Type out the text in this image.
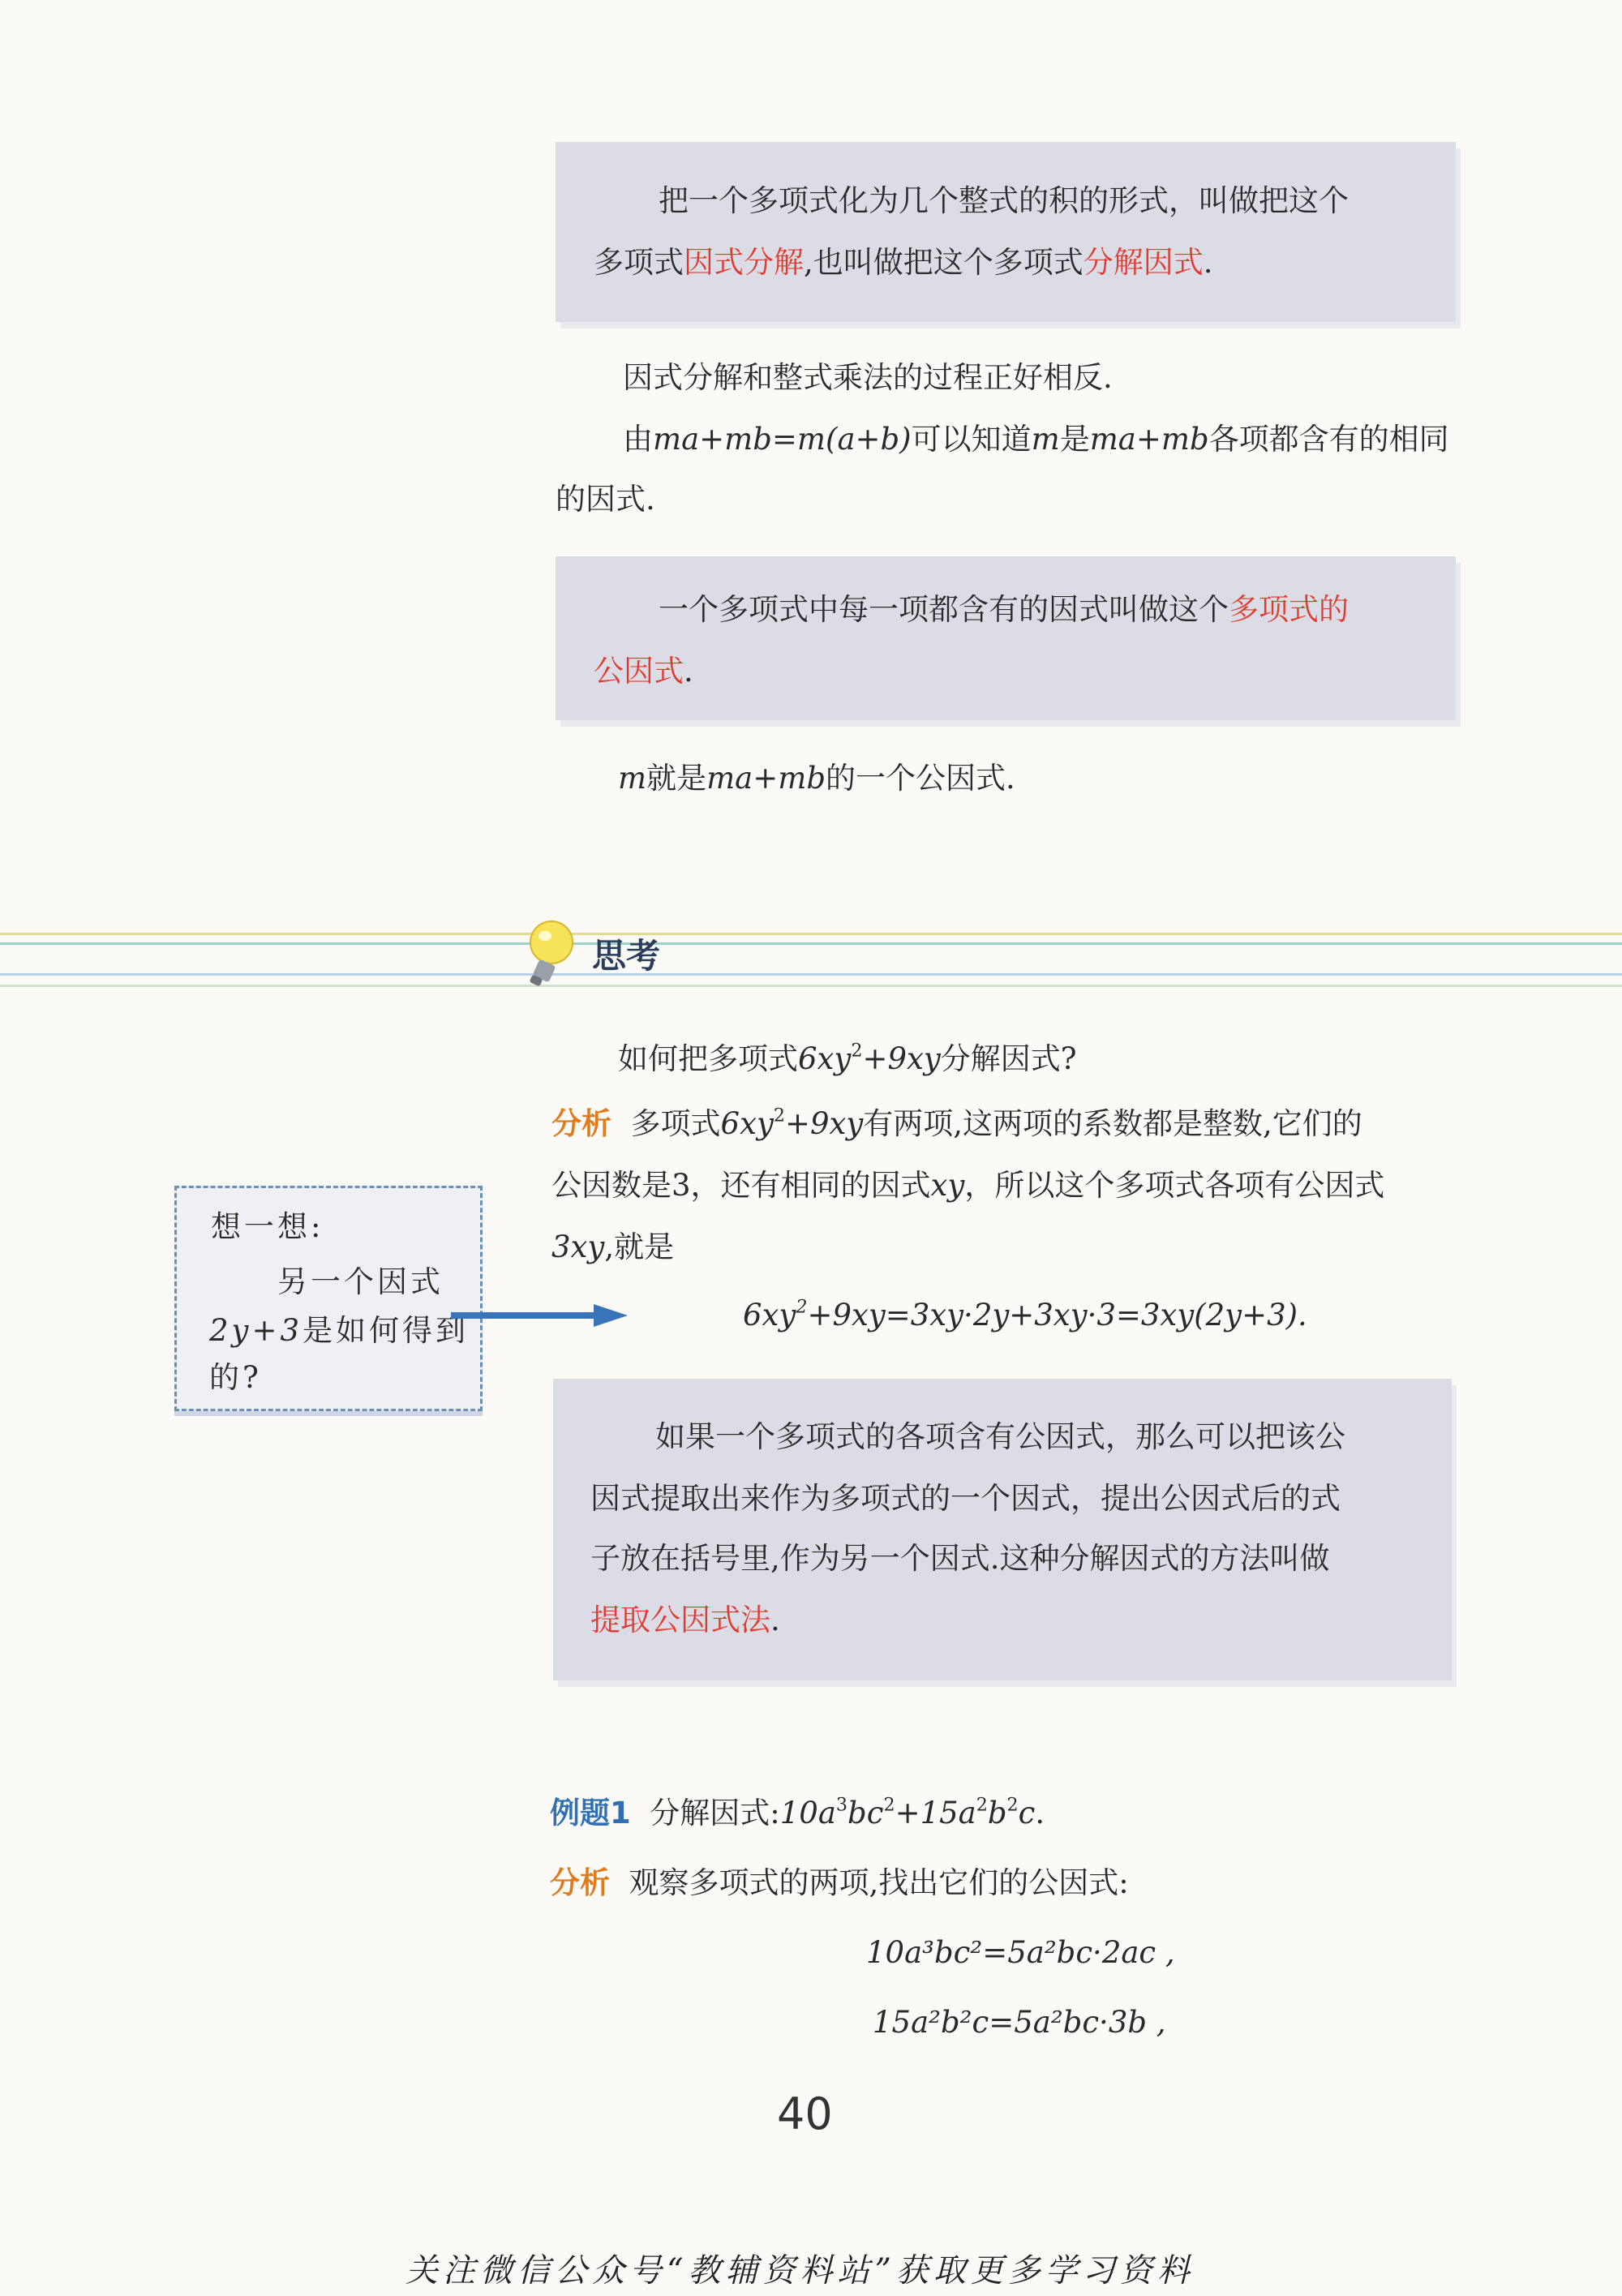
把一个多项式化为几个整式的积的形式，叫做把这个
多项式因式分解,也叫做把这个多项式分解因式.
因式分解和整式乘法的过程正好相反.
由ma+mb=m(a+b)可以知道m是ma+mb各项都含有的相同
的因式.
一个多项式中每一项都含有的因式叫做这个多项式的
公因式.
m就是ma+mb的一个公因式.
思考
如何把多项式$6xy^2+9xy$分解因式?
分析 多项式$6xy^2+9xy$有两项,这两项的系数都是整数,它们的
公因数是3，还有相同的因式xy，所以这个多项式各项有公因式
3xy,就是
$6xy^2+9xy=3xy\cdot 2y+3xy\cdot 3=3xy(2y+3)$.
想一想:
另一个因式
2y+3是如何得到
的?
如果一个多项式的各项含有公因式，那么可以把该公
因式提取出来作为多项式的一个因式，提出公因式后的式
子放在括号里,作为另一个因式.这种分解因式的方法叫做
提取公因式法.
例题1 分解因式$:10a^3bc^2+15a^2b^2c$.
分析 观察多项式的两项,找出它们的公因式:
10a³bc²=5a²bc·2ac ,
15a²b²c=5a²bc·3b ,
40
关注微信公众号“教辅资料站”获取更多学习资料
